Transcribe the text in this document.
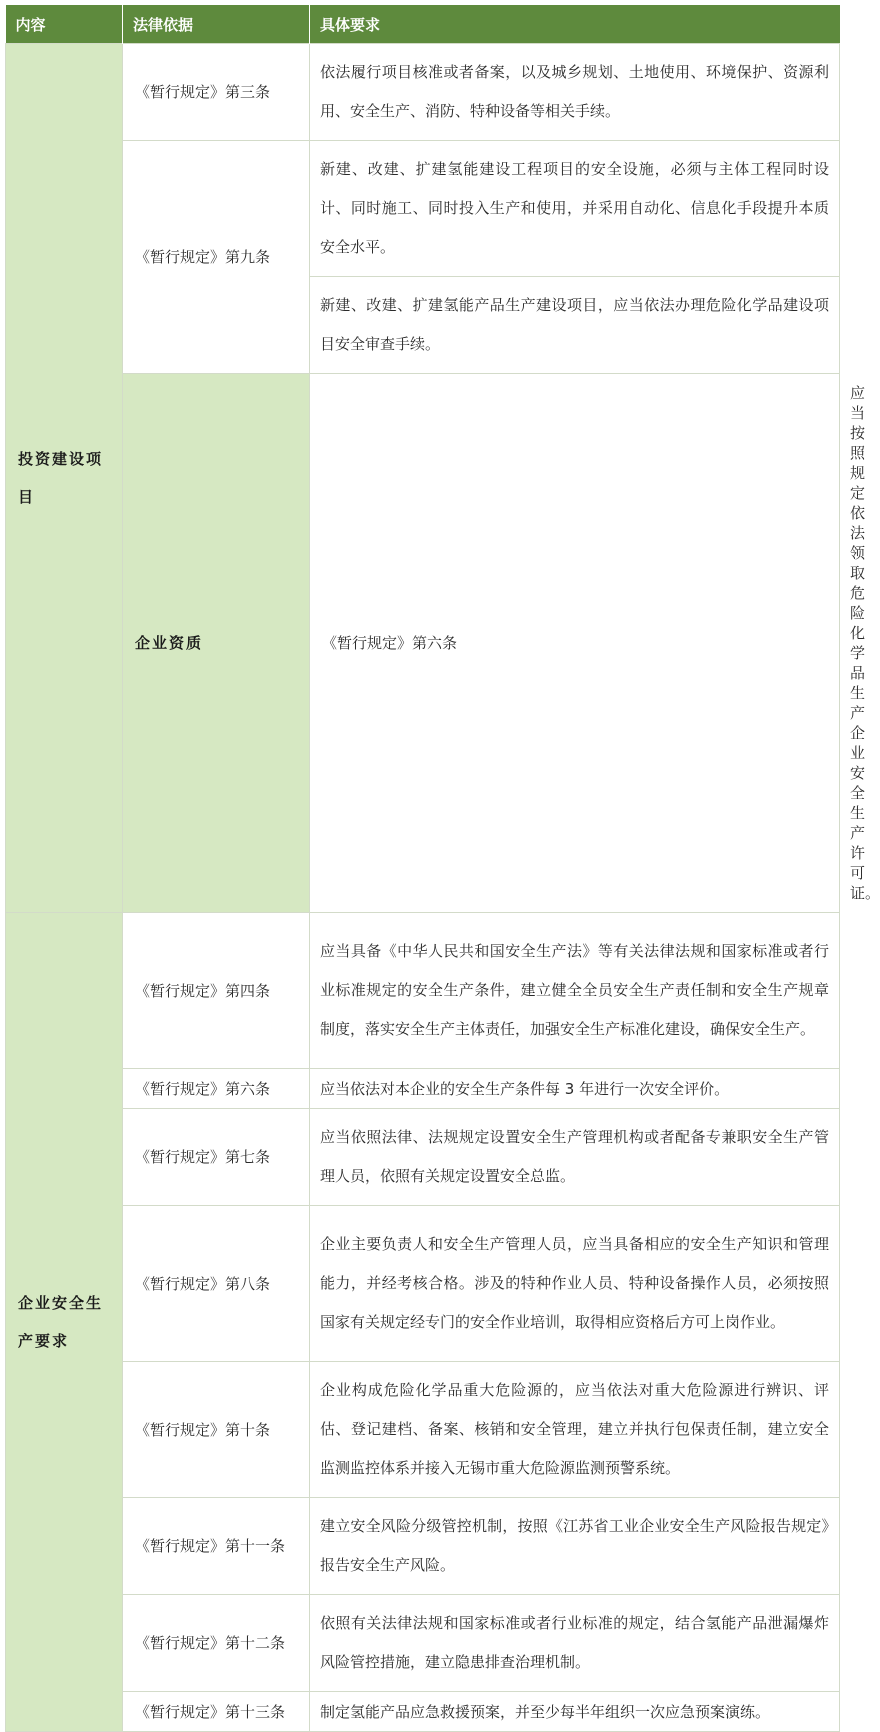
内容	法律依据	具体要求	
投资建设项目	《暂行规定》第三条	依法履行项目核准或者备案，以及城乡规划、土地使用、环境保护、资源利用、安全生产、消防、特种设备等相关手续。	
	《暂行规定》第九条	新建、改建、扩建氢能建设工程项目的安全设施，必须与主体工程同时设计、同时施工、同时投入生产和使用，并采用自动化、信息化手段提升本质安全水平。	
		新建、改建、扩建氢能产品生产建设项目，应当依法办理危险化学品建设项目安全审查手续。	
	企业资质	《暂行规定》第六条	应当按照规定依法领取危险化学品生产企业安全生产许可证。
企业安全生产要求	《暂行规定》第四条	应当具备《中华人民共和国安全生产法》等有关法律法规和国家标准或者行业标准规定的安全生产条件，建立健全全员安全生产责任制和安全生产规章制度，落实安全生产主体责任，加强安全生产标准化建设，确保安全生产。	
	《暂行规定》第六条	应当依法对本企业的安全生产条件每 3 年进行一次安全评价。	
	《暂行规定》第七条	应当依照法律、法规规定设置安全生产管理机构或者配备专兼职安全生产管理人员，依照有关规定设置安全总监。	
	《暂行规定》第八条	企业主要负责人和安全生产管理人员，应当具备相应的安全生产知识和管理能力，并经考核合格。涉及的特种作业人员、特种设备操作人员，必须按照国家有关规定经专门的安全作业培训，取得相应资格后方可上岗作业。	
	《暂行规定》第十条	企业构成危险化学品重大危险源的，应当依法对重大危险源进行辨识、评估、登记建档、备案、核销和安全管理，建立并执行包保责任制，建立安全监测监控体系并接入无锡市重大危险源监测预警系统。	
	《暂行规定》第十一条	建立安全风险分级管控机制，按照《江苏省工业企业安全生产风险报告规定》报告安全生产风险。	
	《暂行规定》第十二条	依照有关法律法规和国家标准或者行业标准的规定，结合氢能产品泄漏爆炸风险管控措施，建立隐患排查治理机制。	
	《暂行规定》第十三条	制定氢能产品应急救援预案，并至少每半年组织一次应急预案演练。	
